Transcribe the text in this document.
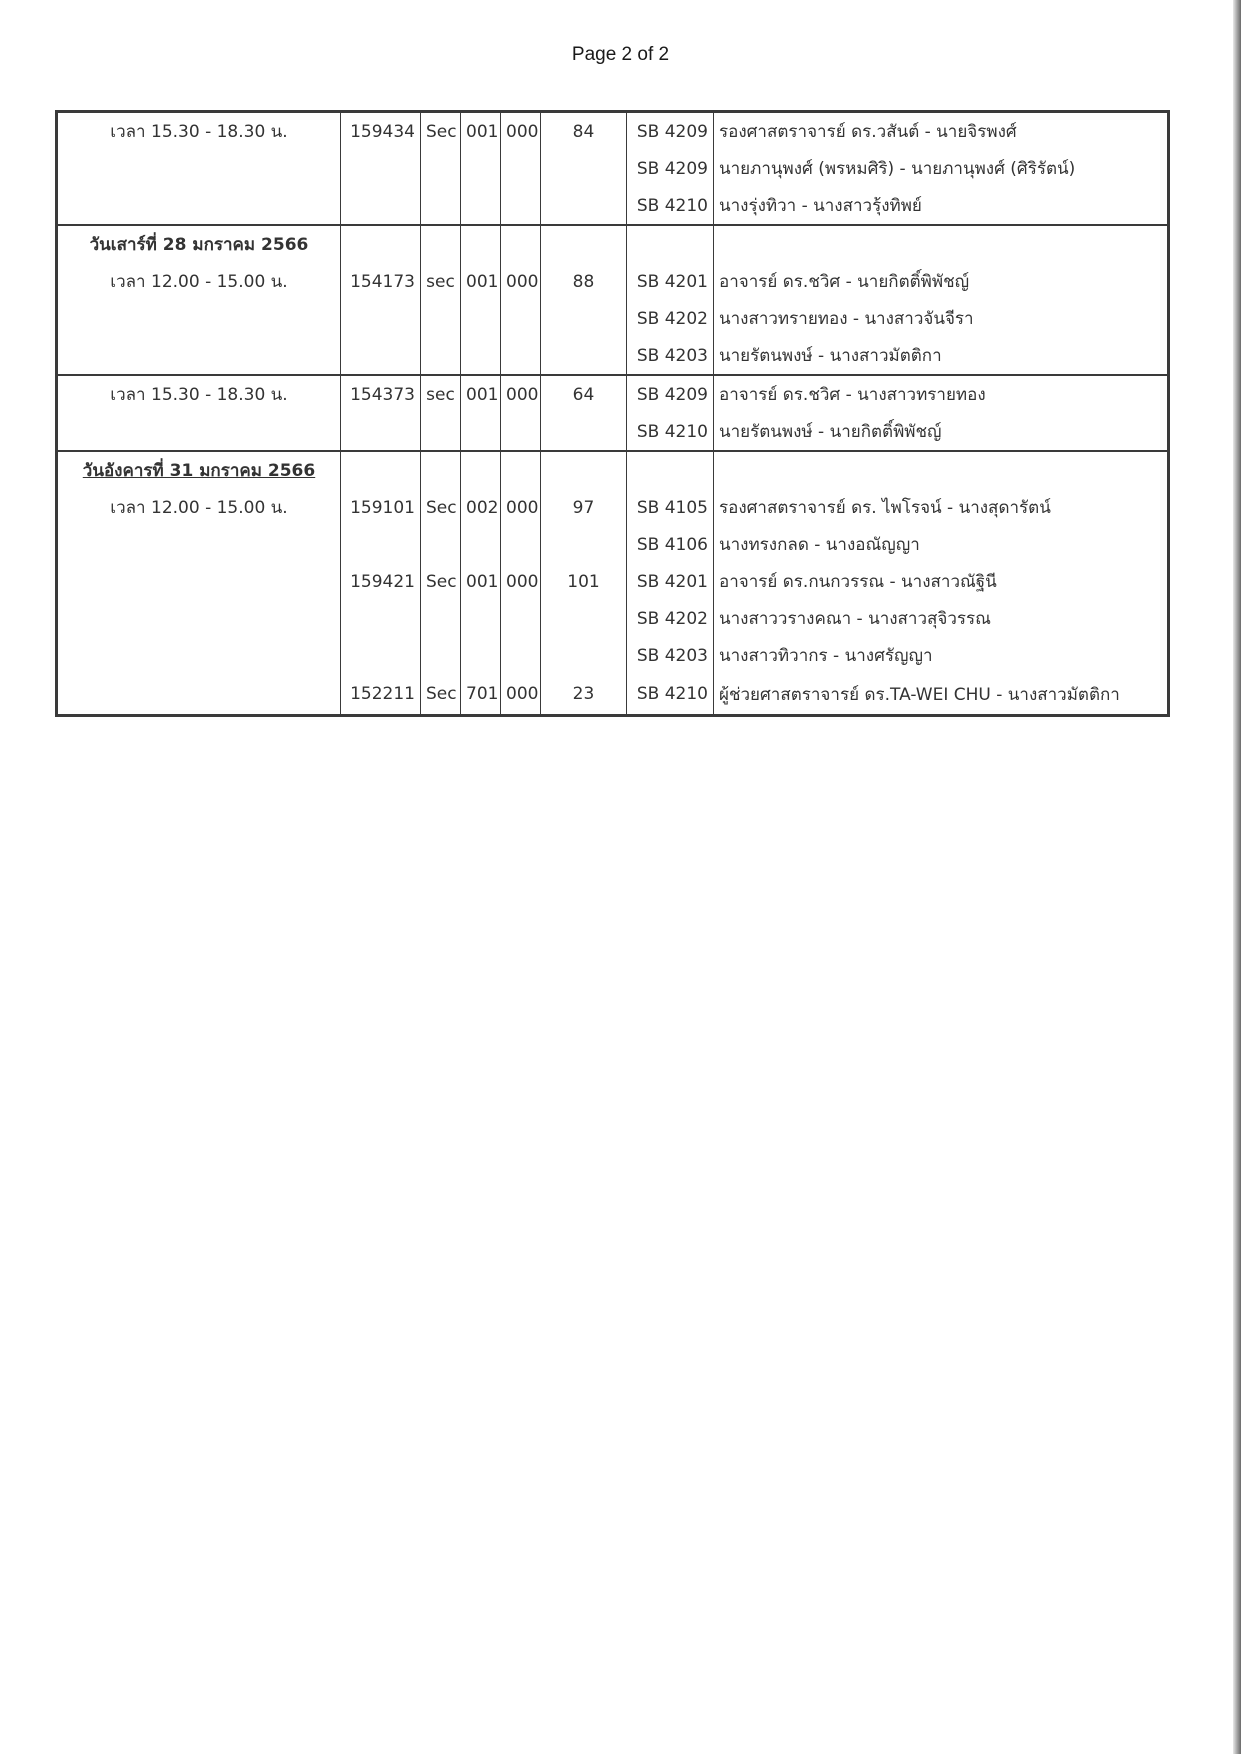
Page 2 of 2
เวลา 15.30 - 18.30 น.	159434	Sec	001	000	84	SB 4209	รองศาสตราจารย์ ดร.วสันต์ - นายจิรพงศ์
						SB 4209	นายภานุพงศ์ (พรหมศิริ) - นายภานุพงศ์ (ศิริรัตน์)
						SB 4210	นางรุ่งทิวา - นางสาวรุ้งทิพย์
วันเสาร์ที่ 28 มกราคม 2566							
เวลา 12.00 - 15.00 น.	154173	sec	001	000	88	SB 4201	อาจารย์ ดร.ชวิศ - นายกิตติ์พิพัชญ์
						SB 4202	นางสาวทรายทอง - นางสาวจันจีรา
						SB 4203	นายรัตนพงษ์ - นางสาวมัตติกา
เวลา 15.30 - 18.30 น.	154373	sec	001	000	64	SB 4209	อาจารย์ ดร.ชวิศ - นางสาวทรายทอง
						SB 4210	นายรัตนพงษ์ - นายกิตติ์พิพัชญ์
วันอังคารที่ 31 มกราคม 2566							
เวลา 12.00 - 15.00 น.	159101	Sec	002	000	97	SB 4105	รองศาสตราจารย์ ดร. ไพโรจน์ - นางสุดารัตน์
						SB 4106	นางทรงกลด - นางอณัญญา
	159421	Sec	001	000	101	SB 4201	อาจารย์ ดร.กนกวรรณ - นางสาวณัฐินี
						SB 4202	นางสาววรางคณา - นางสาวสุจิวรรณ
						SB 4203	นางสาวทิวากร - นางศรัญญา
	152211	Sec	701	000	23	SB 4210	ผู้ช่วยศาสตราจารย์ ดร.TA-WEI CHU - นางสาวมัตติกา
